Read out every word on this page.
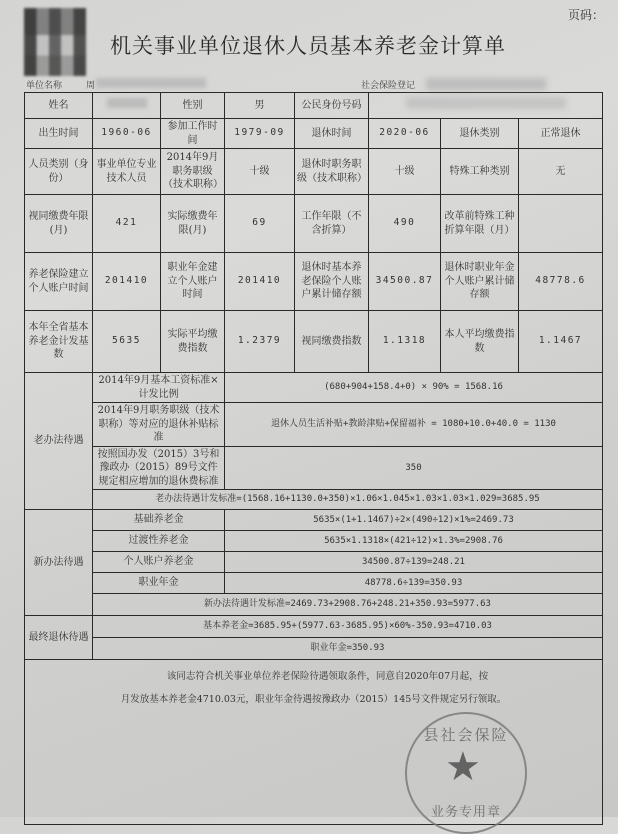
页码：
机关事业单位退休人员基本养老金计算单
单位名称	周	社会保险登记
姓名		性别	男	公民身份号码			
出生时间	1960-06	参加工作时间	1979-09	退休时间	2020-06	退休类别	正常退休
人员类别（身份）	事业单位专业技术人员	2014年9月职务职级（技术职称）	十级	退休时职务职级（技术职称）	十级	特殊工种类别	无
视同缴费年限(月)	421	实际缴费年限(月)	69	工作年限（不含折算）	490	改革前特殊工种折算年限（月）	
养老保险建立个人账户时间	201410	职业年金建立个人账户时间	201410	退休时基本养老保险个人账户累计储存额	34500.87	退休时职业年金个人账户累计储存额	48778.6
本年全省基本养老金计发基数	5635	实际平均缴费指数	1.2379	视同缴费指数	1.1318	本人平均缴费指数	1.1467
老办法待遇	2014年9月基本工资标准×计发比例		(680+904+158.4+0) × 90% = 1568.16				
	2014年9月职务职级（技术职称）等对应的退休补贴标准		退休人员生活补贴+教龄津贴+保留福补 = 1080+10.0+40.0 = 1130				
	按照国办发（2015）3号和豫政办（2015）89号文件规定相应增加的退休费标准		350				
	老办法待遇计发标准=(1568.16+1130.0+350)×1.06×1.045×1.03×1.03×1.029=3685.95						
新办法待遇	基础养老金		5635×(1+1.1467)÷2×(490÷12)×1%=2469.73				
	过渡性养老金		5635×1.1318×(421÷12)×1.3%=2908.76				
	个人账户养老金		34500.87÷139=248.21				
	职业年金		48778.6÷139=350.93				
	新办法待遇计发标准=2469.73+2908.76+248.21+350.93=5977.63						
最终退休待遇	基本养老金=3685.95+(5977.63-3685.95)×60%-350.93=4710.03						
	职业年金=350.93						

该同志符合机关事业单位养老保险待遇领取条件，同意自2020年07月起，按
月发放基本养老金4710.03元，职业年金待遇按豫政办（2015）145号文件规定另行领取。							
县社会保险
★
业务专用章
